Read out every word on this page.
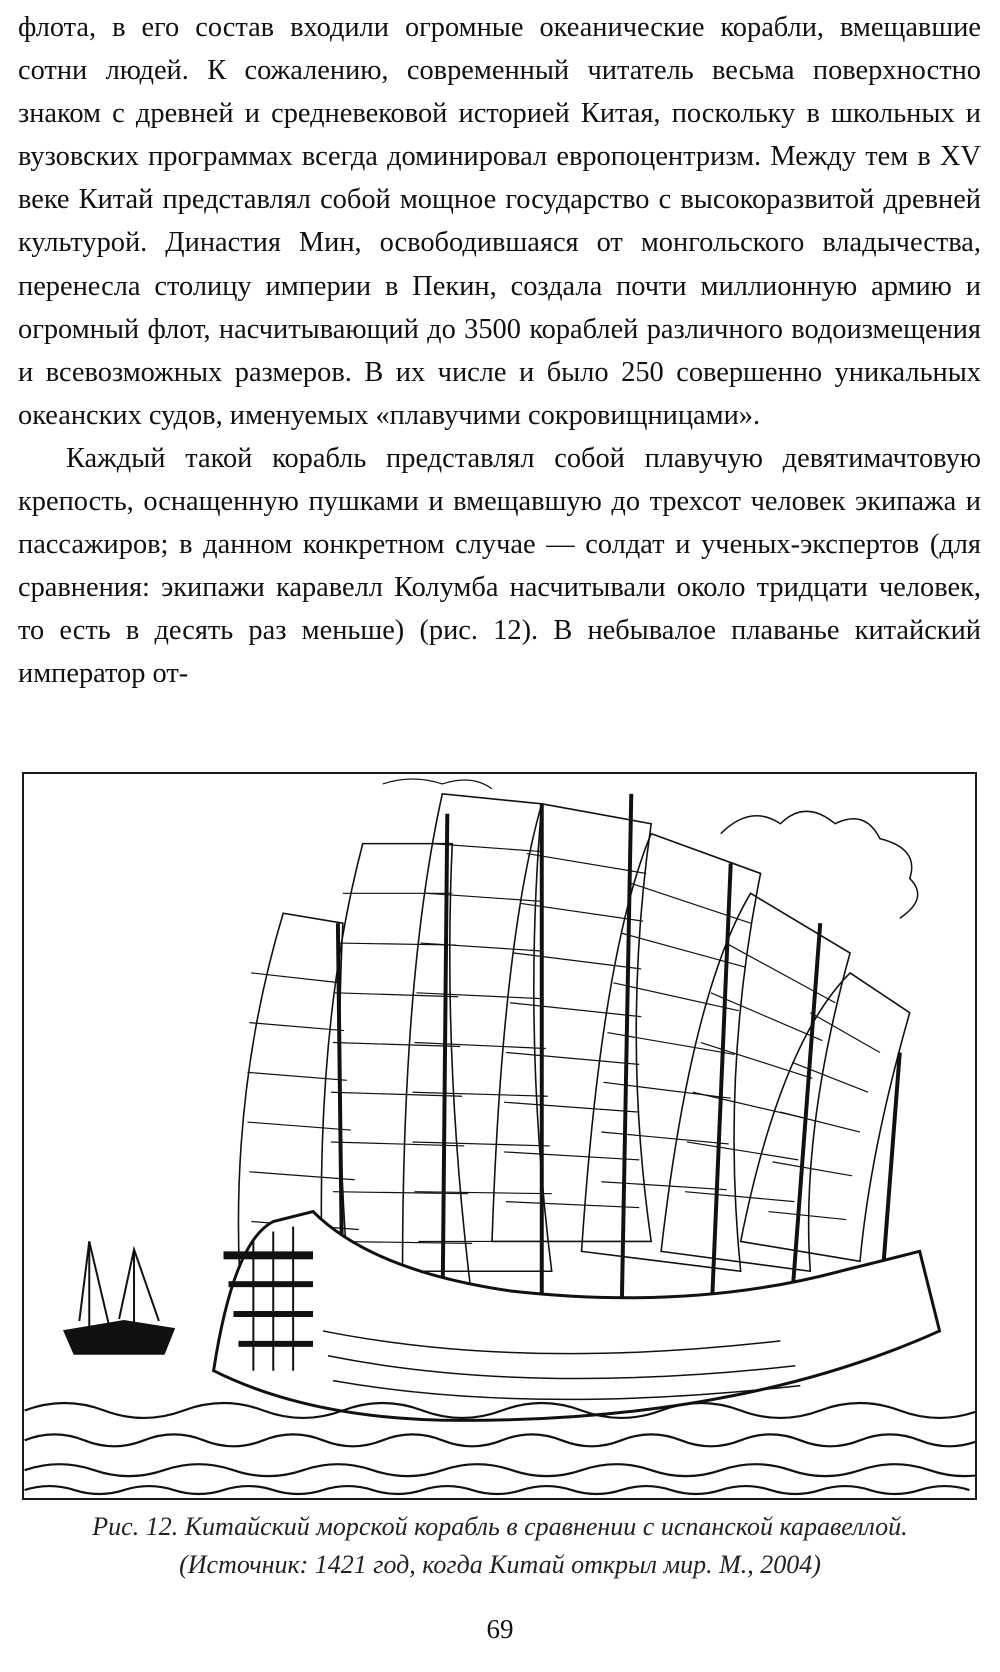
флота, в его состав входили огромные океанические корабли, вмещавшие сотни людей. К сожалению, современный читатель весьма поверхностно знаком с древней и средневековой историей Китая, поскольку в школьных и вузовских программах всегда доминировал европоцентризм. Между тем в XV веке Китай представлял собой мощное государство с высокоразвитой древней культурой. Династия Мин, освободившаяся от монгольского владычества, перенесла столицу империи в Пекин, создала почти миллионную армию и огромный флот, насчитывающий до 3500 кораблей различного водоизмещения и всевозможных размеров. В их числе и было 250 совершенно уникальных океанских судов, именуемых «плавучими сокровищницами».

Каждый такой корабль представлял собой плавучую девятимачтовую крепость, оснащенную пушками и вмещавшую до трехсот человек экипажа и пассажиров; в данном конкретном случае — солдат и ученых-экспертов (для сравнения: экипажи каравелл Колумба насчитывали около тридцати человек, то есть в десять раз меньше) (рис. 12). В небывалое плаванье китайский император от-

Рис. 12. Китайский морской корабль в сравнении с испанской каравеллой. (Источник: 1421 год, когда Китай открыл мир. М., 2004)
69
